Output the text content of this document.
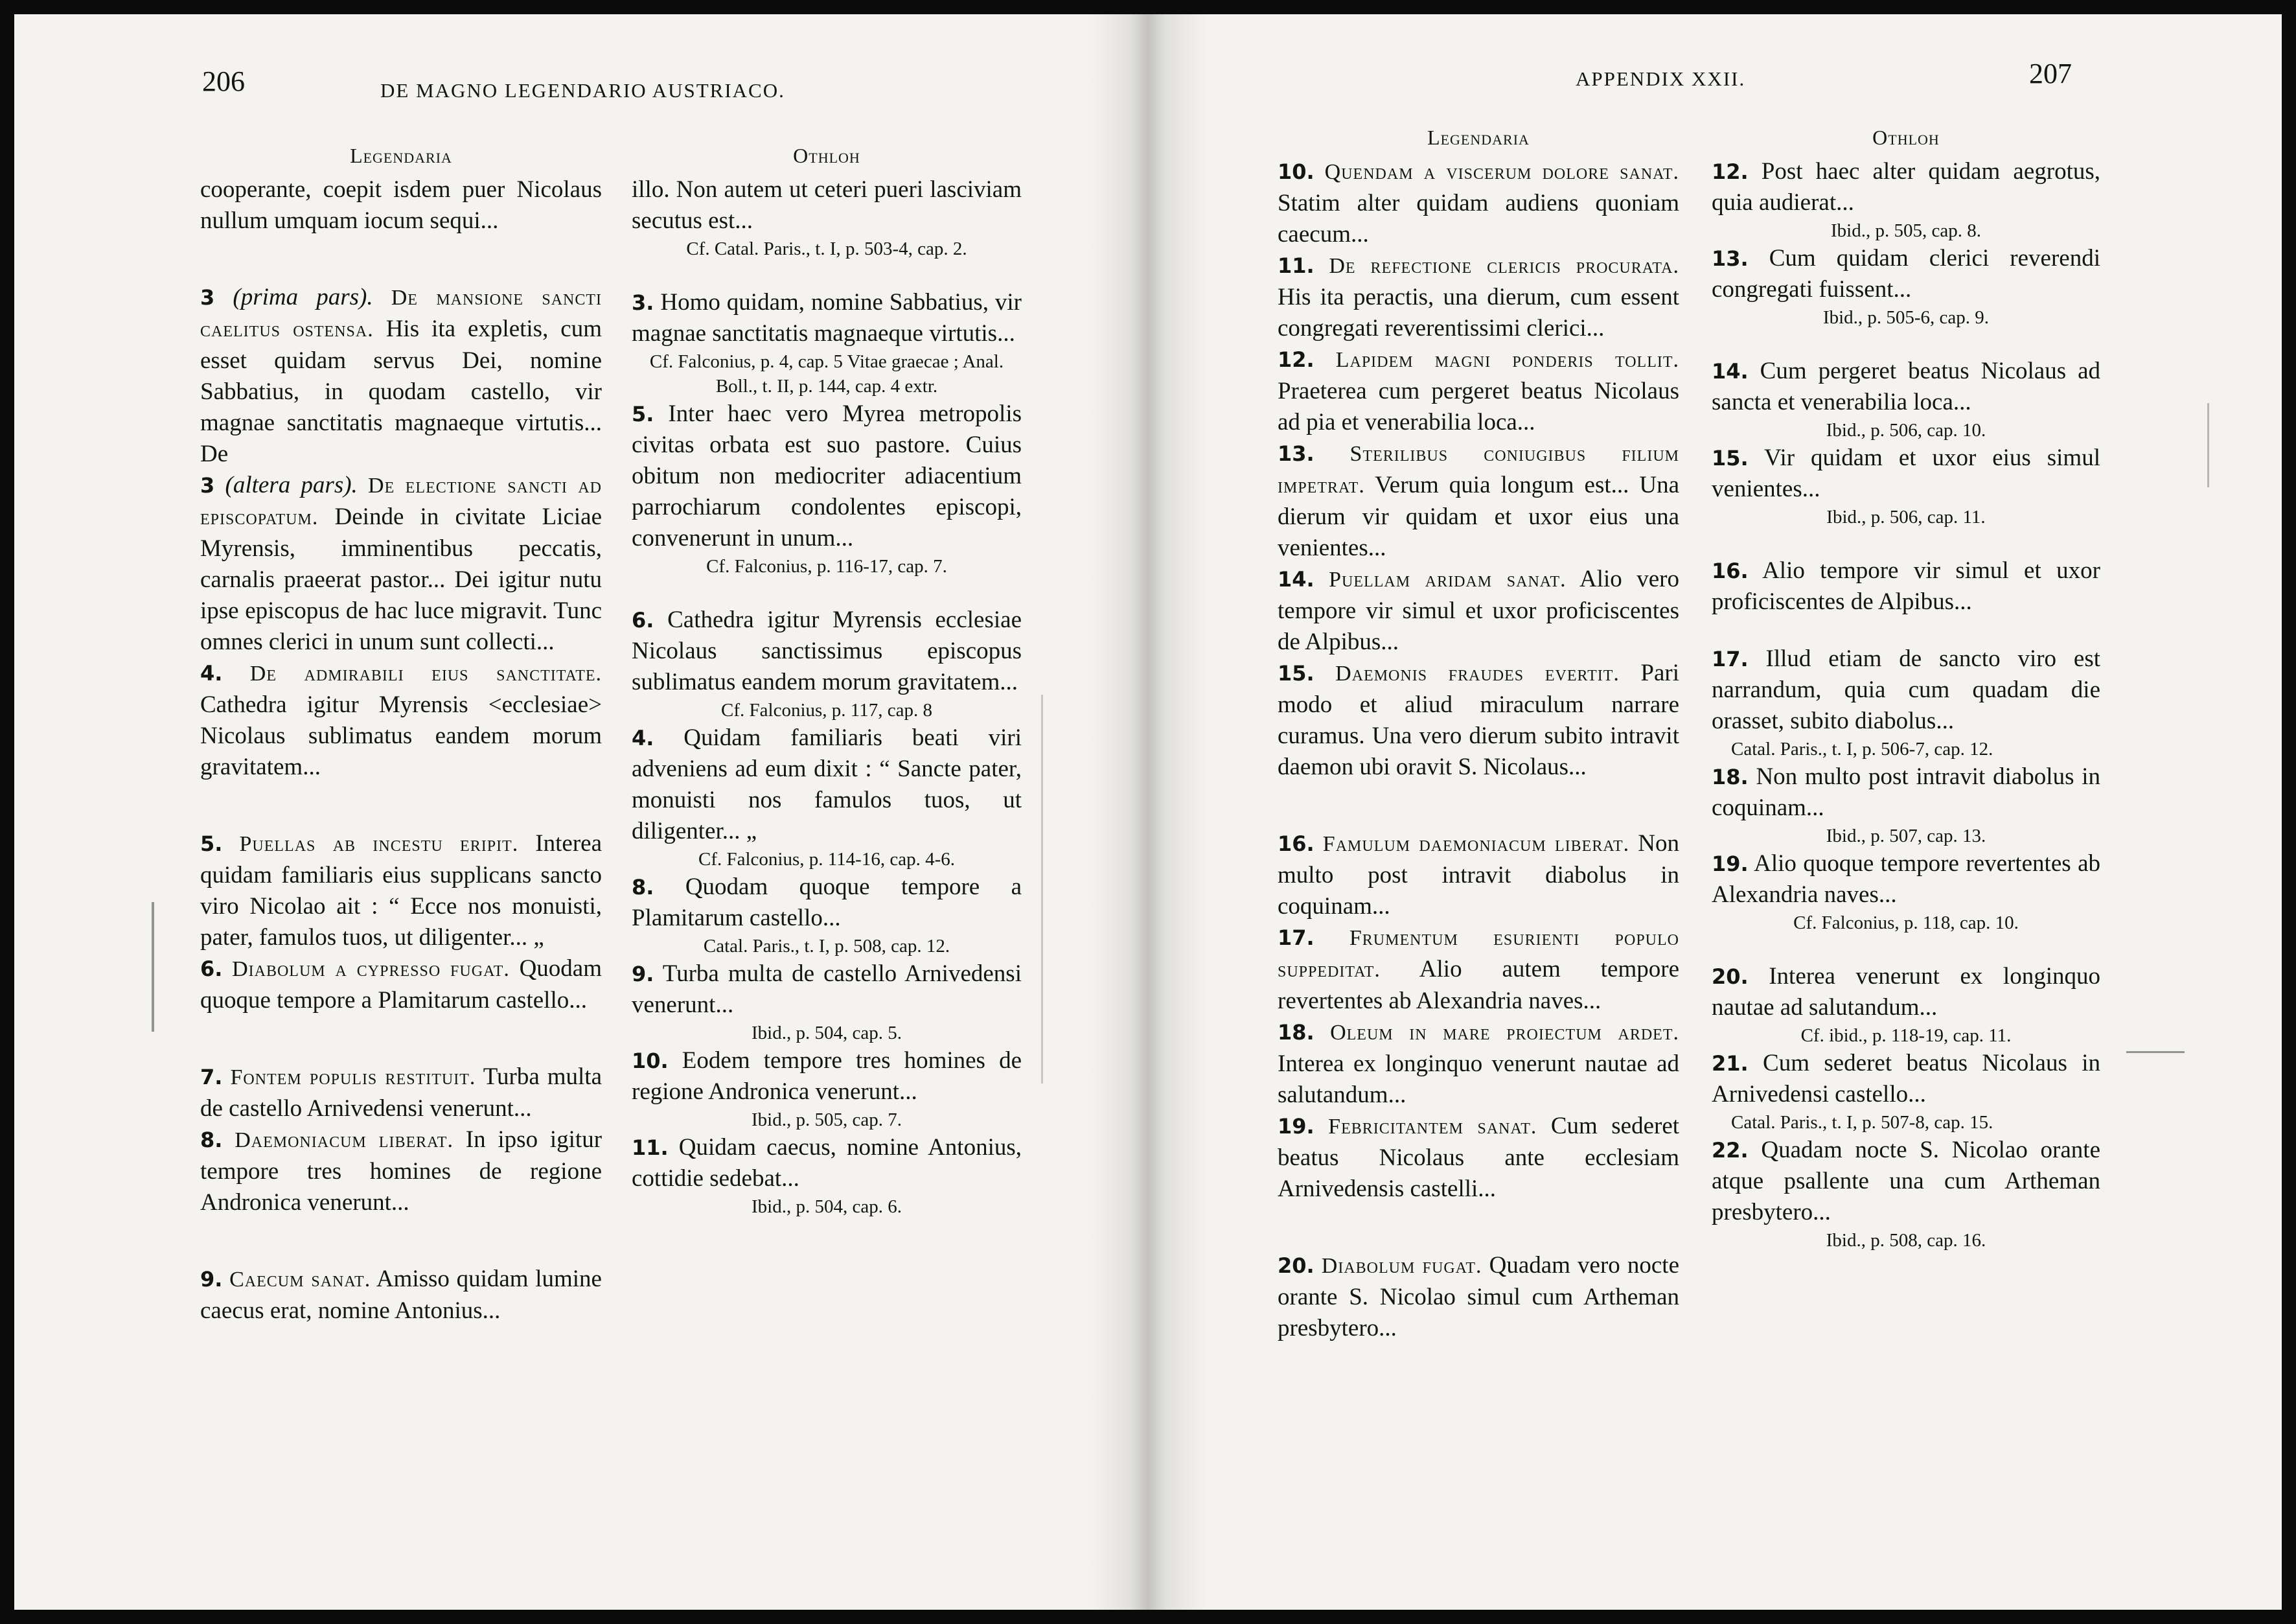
206	DE MAGNO LEGENDARIO AUSTRIACO.
Legendaria

cooperante, coepit isdem puer Nicolaus nullum umquam iocum sequi...

3 (prima pars). De mansione sancti caelitus ostensa. His ita expletis, cum esset quidam servus Dei, nomine Sabbatius, in quodam castello, vir magnae sanctitatis magnaeque virtutis... De

3 (altera pars). De electione sancti ad episcopatum. Deinde in civitate Liciae Myrensis, imminentibus peccatis, carnalis praeerat pastor... Dei igitur nutu ipse episcopus de hac luce migravit. Tunc omnes clerici in unum sunt collecti...

4. De admirabili eius sanctitate. Cathedra igitur Myrensis <ecclesiae> Nicolaus sublimatus eandem morum gravitatem...

5. Puellas ab incestu eripit. Interea quidam familiaris eius supplicans sancto viro Nicolao ait : “ Ecce nos monuisti, pater, famulos tuos, ut diligenter... „

6. Diabolum a cypresso fugat. Quodam quoque tempore a Plamitarum castello...

7. Fontem populis restituit. Turba multa de castello Arnivedensi venerunt...

8. Daemoniacum liberat. In ipso igitur tempore tres homines de regione Andronica venerunt...

9. Caecum sanat. Amisso quidam lumine caecus erat, nomine Antonius...

Othloh

illo. Non autem ut ceteri pueri lasciviam secutus est...

Cf. Catal. Paris., t. I, p. 503-4, cap. 2.

3. Homo quidam, nomine Sabbatius, vir magnae sanctitatis magnaeque virtutis...

Cf. Falconius, p. 4, cap. 5 Vitae graecae ; Anal. Boll., t. II, p. 144, cap. 4 extr.

5. Inter haec vero Myrea metropolis civitas orbata est suo pastore. Cuius obitum non mediocriter adiacentium parrochiarum condolentes episcopi, convenerunt in unum...

Cf. Falconius, p. 116-17, cap. 7.

6. Cathedra igitur Myrensis ecclesiae Nicolaus sanctissimus episcopus sublimatus eandem morum gravitatem...

Cf. Falconius, p. 117, cap. 8

4. Quidam familiaris beati viri adveniens ad eum dixit : “ Sancte pater, monuisti nos famulos tuos, ut diligenter... „

Cf. Falconius, p. 114-16, cap. 4-6.

8. Quodam quoque tempore a Plamitarum castello...

Catal. Paris., t. I, p. 508, cap. 12.

9. Turba multa de castello Arnivedensi venerunt...

Ibid., p. 504, cap. 5.

10. Eodem tempore tres homines de regione Andronica venerunt...

Ibid., p. 505, cap. 7.

11. Quidam caecus, nomine Antonius, cottidie sedebat...

Ibid., p. 504, cap. 6.

APPENDIX XXII.	207
Legendaria

10. Quendam a viscerum dolore sanat. Statim alter quidam audiens quoniam caecum...

11. De refectione clericis procurata. His ita peractis, una dierum, cum essent congregati reverentissimi clerici...

12. Lapidem magni ponderis tollit. Praeterea cum pergeret beatus Nicolaus ad pia et venerabilia loca...

13. Sterilibus coniugibus filium impetrat. Verum quia longum est... Una dierum vir quidam et uxor eius una venientes...

14. Puellam aridam sanat. Alio vero tempore vir simul et uxor proficiscentes de Alpibus...

15. Daemonis fraudes evertit. Pari modo et aliud miraculum narrare curamus. Una vero dierum subito intravit daemon ubi oravit S. Nicolaus...

16. Famulum daemoniacum liberat. Non multo post intravit diabolus in coquinam...

17. Frumentum esurienti populo suppeditat. Alio autem tempore revertentes ab Alexandria naves...

18. Oleum in mare proiectum ardet. Interea ex longinquo venerunt nautae ad salutandum...

19. Febricitantem sanat. Cum sederet beatus Nicolaus ante ecclesiam Arnivedensis castelli...

20. Diabolum fugat. Quadam vero nocte orante S. Nicolao simul cum Artheman presbytero...

Othloh

12. Post haec alter quidam aegrotus, quia audierat...

Ibid., p. 505, cap. 8.

13. Cum quidam clerici reverendi congregati fuissent...

Ibid., p. 505-6, cap. 9.

14. Cum pergeret beatus Nicolaus ad sancta et venerabilia loca...

Ibid., p. 506, cap. 10.

15. Vir quidam et uxor eius simul venientes...

Ibid., p. 506, cap. 11.

16. Alio tempore vir simul et uxor proficiscentes de Alpibus...

17. Illud etiam de sancto viro est narrandum, quia cum quadam die orasset, subito diabolus...

Catal. Paris., t. I, p. 506-7, cap. 12.

18. Non multo post intravit diabolus in coquinam...

Ibid., p. 507, cap. 13.

19. Alio quoque tempore revertentes ab Alexandria naves...

Cf. Falconius, p. 118, cap. 10.

20. Interea venerunt ex longinquo nautae ad salutandum...

Cf. ibid., p. 118-19, cap. 11.

21. Cum sederet beatus Nicolaus in Arnivedensi castello...

Catal. Paris., t. I, p. 507-8, cap. 15.

22. Quadam nocte S. Nicolao orante atque psallente una cum Artheman presbytero...

Ibid., p. 508, cap. 16.
